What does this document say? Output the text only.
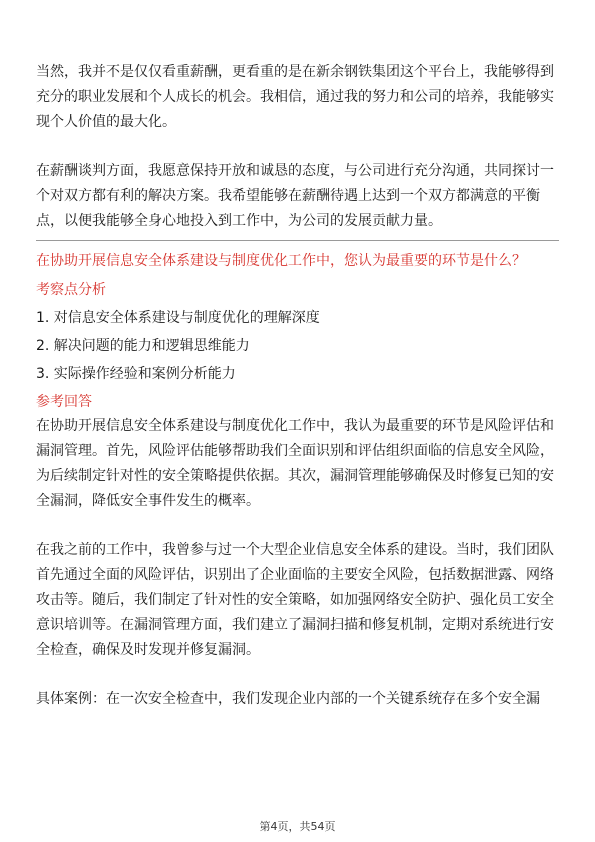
当然，我并不是仅仅看重薪酬，更看重的是在新余钢铁集团这个平台上，我能够得到充分的职业发展和个人成长的机会。我相信，通过我的努力和公司的培养，我能够实现个人价值的最大化。

在薪酬谈判方面，我愿意保持开放和诚恳的态度，与公司进行充分沟通，共同探讨一个对双方都有利的解决方案。我希望能够在薪酬待遇上达到一个双方都满意的平衡点，以便我能够全身心地投入到工作中，为公司的发展贡献力量。

在协助开展信息安全体系建设与制度优化工作中，您认为最重要的环节是什么？

考察点分析

1. 对信息安全体系建设与制度优化的理解深度

2. 解决问题的能力和逻辑思维能力

3. 实际操作经验和案例分析能力

参考回答

在协助开展信息安全体系建设与制度优化工作中，我认为最重要的环节是风险评估和漏洞管理。首先，风险评估能够帮助我们全面识别和评估组织面临的信息安全风险，为后续制定针对性的安全策略提供依据。其次，漏洞管理能够确保及时修复已知的安全漏洞，降低安全事件发生的概率。

在我之前的工作中，我曾参与过一个大型企业信息安全体系的建设。当时，我们团队首先通过全面的风险评估，识别出了企业面临的主要安全风险，包括数据泄露、网络攻击等。随后，我们制定了针对性的安全策略，如加强网络安全防护、强化员工安全意识培训等。在漏洞管理方面，我们建立了漏洞扫描和修复机制，定期对系统进行安全检查，确保及时发现并修复漏洞。

具体案例：在一次安全检查中，我们发现企业内部的一个关键系统存在多个安全漏

第4页，共54页
